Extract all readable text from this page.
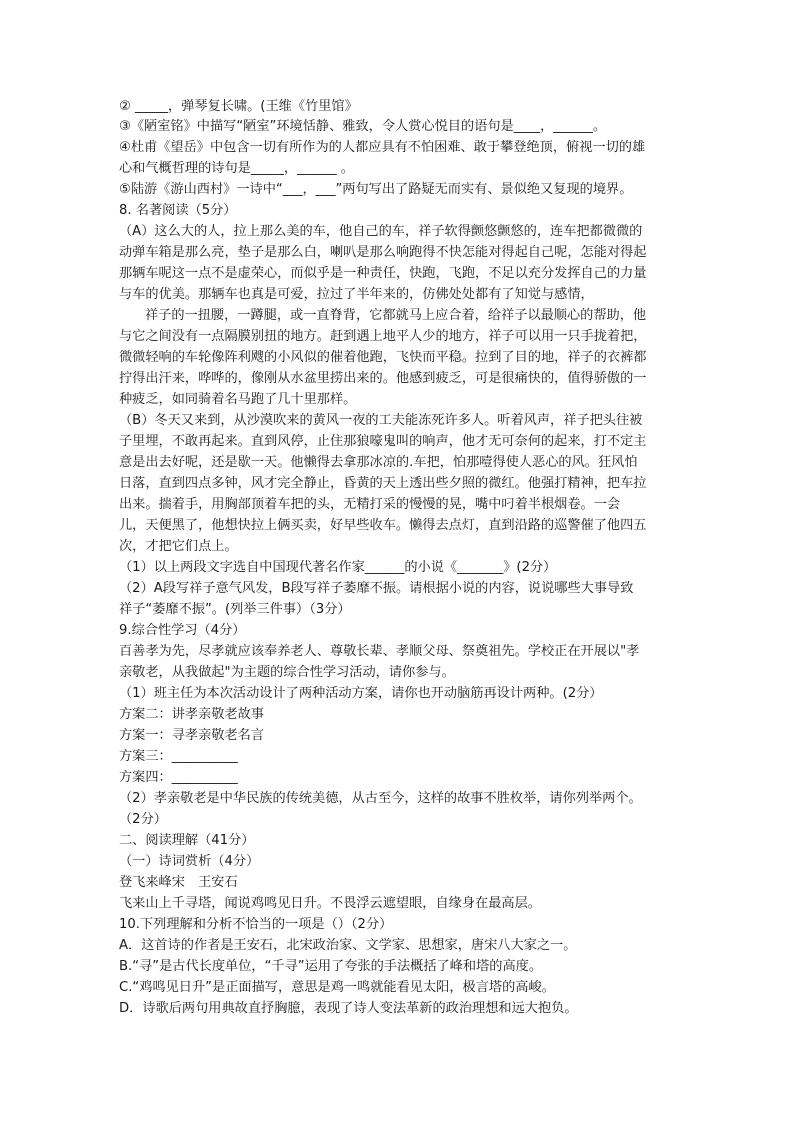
② _____，弹琴复长啸。(王维《竹里馆》
③《陋室铭》中描写“陋室”环境恬静、雅致，令人赏心悦目的语句是____，______。
④杜甫《望岳》中包含一切有所作为的人都应具有不怕困难、敢于攀登绝顶，俯视一切的雄
心和气概哲理的诗句是_____，______ 。
⑤陆游《游山西村》一诗中“___，___”两句写出了路疑无而实有、景似绝又复现的境界。
8. 名著阅读（5分）
（A）这么大的人，拉上那么美的车，他自己的车，祥子软得颤悠颤悠的，连车把都微微的
动弹车箱是那么亮，垫子是那么白，喇叭是那么响跑得不快怎能对得起自己呢，怎能对得起
那辆车呢这一点不是虚荣心，而似乎是一种责任，快跑，飞跑，不足以充分发挥自己的力量
与车的优美。那辆车也真是可爱，拉过了半年来的，仿佛处处都有了知觉与感情，
祥子的一扭腰，一蹲腿，或一直脊背，它都就马上应合着，给祥子以最顺心的帮助，他
与它之间没有一点隔膜别扭的地方。赶到遇上地平人少的地方，祥子可以用一只手拢着把，
微微轻响的车轮像阵利飕的小风似的催着他跑，飞快而平稳。拉到了目的地，祥子的衣裤都
拧得出汗来，哗哗的，像刚从水盆里捞出来的。他感到疲乏，可是很痛快的，值得骄傲的一
种疲乏，如同骑着名马跑了几十里那样。
（B）冬天又来到，从沙漠吹来的黄风一夜的工夫能冻死许多人。听着风声，祥子把头往被
子里埋，不敢再起来。直到风停，止住那狼嚎鬼叫的响声，他才无可奈何的起来，打不定主
意是出去好呢，还是歇一天。他懒得去拿那冰凉的.车把，怕那噎得使人恶心的风。狂风怕
日落，直到四点多钟，风才完全静止，昏黄的天上透出些夕照的微红。他强打精神，把车拉
出来。揣着手，用胸部顶着车把的头，无精打采的慢慢的晃，嘴中叼着半根烟卷。一会
儿，天便黑了，他想快拉上俩买卖，好早些收车。懒得去点灯，直到沿路的巡警催了他四五
次，才把它们点上。
（1）以上两段文字选自中国现代著名作家______的小说《_______》(2分）
（2）A段写祥子意气风发，B段写祥子萎靡不振。请根据小说的内容，说说哪些大事导致
祥子“萎靡不振”。(列举三件事）（3分）
9.综合性学习（4分）
百善孝为先，尽孝就应该奉养老人、尊敬长辈、孝顺父母、祭奠祖先。学校正在开展以"孝
亲敬老，从我做起"为主题的综合性学习活动，请你参与。
（1）班主任为本次活动设计了两种活动方案，请你也开动脑筋再设计两种。(2分）
方案二：讲孝亲敬老故事
方案一：寻孝亲敬老名言
方案三：__________
方案四：__________
（2）孝亲敬老是中华民族的传统美德，从古至今，这样的故事不胜枚举，请你列举两个。
（2分）
二、阅读理解（41分）
（一）诗词赏析（4分）
登飞来峰宋　王安石
飞来山上千寻塔，闻说鸡鸣见日升。不畏浮云遮望眼，自缘身在最高层。
10.下列理解和分析不恰当的一项是（）（2分）
A．这首诗的作者是王安石，北宋政治家、文学家、思想家，唐宋八大家之一。
B.“寻”是古代长度单位，“千寻”运用了夸张的手法概括了峰和塔的高度。
C.“鸡鸣见日升”是正面描写，意思是鸡一鸣就能看见太阳，极言塔的高峻。
D．诗歌后两句用典故直抒胸臆，表现了诗人变法革新的政治理想和远大抱负。
